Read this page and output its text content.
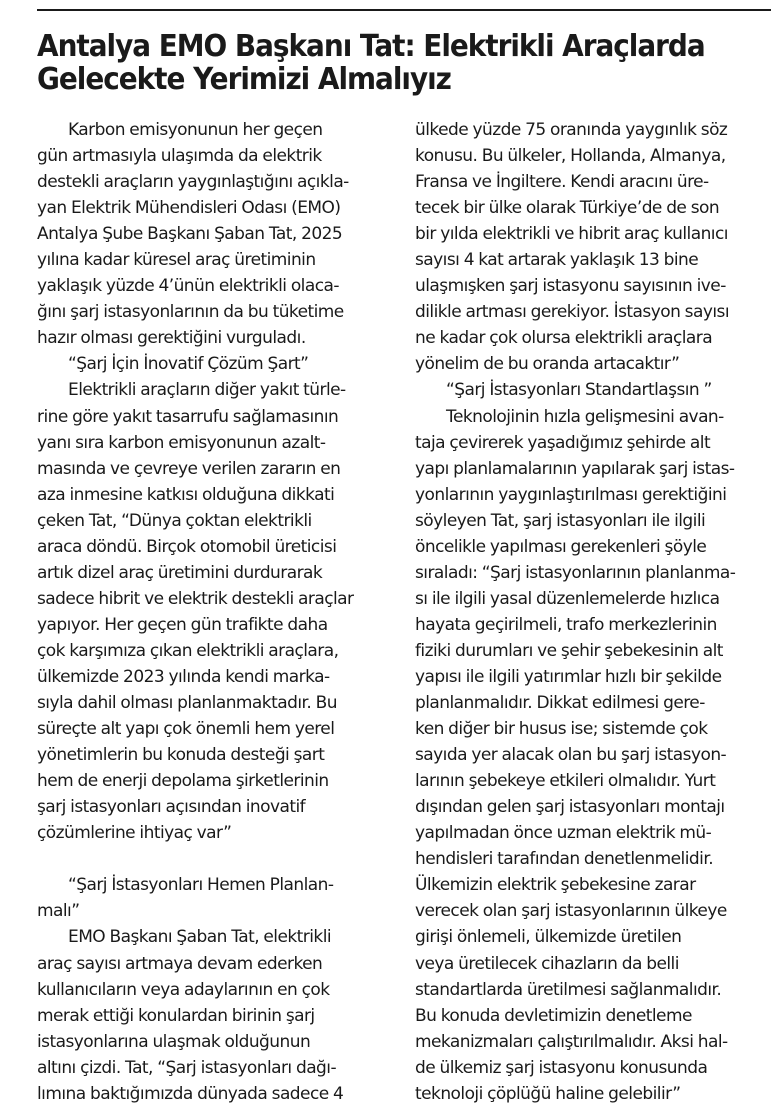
Antalya EMO Başkanı Tat: Elektrikli Araçlarda
Gelecekte Yerimizi Almalıyız
Karbon emisyonunun her geçen
gün artmasıyla ulaşımda da elektrik
destekli araçların yaygınlaştığını açıkla-
yan Elektrik Mühendisleri Odası (EMO)
Antalya Şube Başkanı Şaban Tat, 2025
yılına kadar küresel araç üretiminin
yaklaşık yüzde 4’ünün elektrikli olaca-
ğını şarj istasyonlarının da bu tüketime
hazır olması gerektiğini vurguladı.
“Şarj İçin İnovatif Çözüm Şart”
Elektrikli araçların diğer yakıt türle-
rine göre yakıt tasarrufu sağlamasının
yanı sıra karbon emisyonunun azalt-
masında ve çevreye verilen zararın en
aza inmesine katkısı olduğuna dikkati
çeken Tat, “Dünya çoktan elektrikli
araca döndü. Birçok otomobil üreticisi
artık dizel araç üretimini durdurarak
sadece hibrit ve elektrik destekli araçlar
yapıyor. Her geçen gün trafikte daha
çok karşımıza çıkan elektrikli araçlara,
ülkemizde 2023 yılında kendi marka-
sıyla dahil olması planlanmaktadır. Bu
süreçte alt yapı çok önemli hem yerel
yönetimlerin bu konuda desteği şart
hem de enerji depolama şirketlerinin
şarj istasyonları açısından inovatif
çözümlerine ihtiyaç var”
“Şarj İstasyonları Hemen Planlan-
malı”
EMO Başkanı Şaban Tat, elektrikli
araç sayısı artmaya devam ederken
kullanıcıların veya adaylarının en çok
merak ettiği konulardan birinin şarj
istasyonlarına ulaşmak olduğunun
altını çizdi. Tat, “Şarj istasyonları dağı-
lımına baktığımızda dünyada sadece 4
ülkede yüzde 75 oranında yaygınlık söz
konusu. Bu ülkeler, Hollanda, Almanya,
Fransa ve İngiltere. Kendi aracını üre-
tecek bir ülke olarak Türkiye’de de son
bir yılda elektrikli ve hibrit araç kullanıcı
sayısı 4 kat artarak yaklaşık 13 bine
ulaşmışken şarj istasyonu sayısının ive-
dilikle artması gerekiyor. İstasyon sayısı
ne kadar çok olursa elektrikli araçlara
yönelim de bu oranda artacaktır”
“Şarj İstasyonları Standartlaşsın ”
Teknolojinin hızla gelişmesini avan-
taja çevirerek yaşadığımız şehirde alt
yapı planlamalarının yapılarak şarj istas-
yonlarının yaygınlaştırılması gerektiğini
söyleyen Tat, şarj istasyonları ile ilgili
öncelikle yapılması gerekenleri şöyle
sıraladı: “Şarj istasyonlarının planlanma-
sı ile ilgili yasal düzenlemelerde hızlıca
hayata geçirilmeli, trafo merkezlerinin
fiziki durumları ve şehir şebekesinin alt
yapısı ile ilgili yatırımlar hızlı bir şekilde
planlanmalıdır. Dikkat edilmesi gere-
ken diğer bir husus ise; sistemde çok
sayıda yer alacak olan bu şarj istasyon-
larının şebekeye etkileri olmalıdır. Yurt
dışından gelen şarj istasyonları montajı
yapılmadan önce uzman elektrik mü-
hendisleri tarafından denetlenmelidir.
Ülkemizin elektrik şebekesine zarar
verecek olan şarj istasyonlarının ülkeye
girişi önlemeli, ülkemizde üretilen
veya üretilecek cihazların da belli
standartlarda üretilmesi sağlanmalıdır.
Bu konuda devletimizin denetleme
mekanizmaları çalıştırılmalıdır. Aksi hal-
de ülkemiz şarj istasyonu konusunda
teknoloji çöplüğü haline gelebilir”
